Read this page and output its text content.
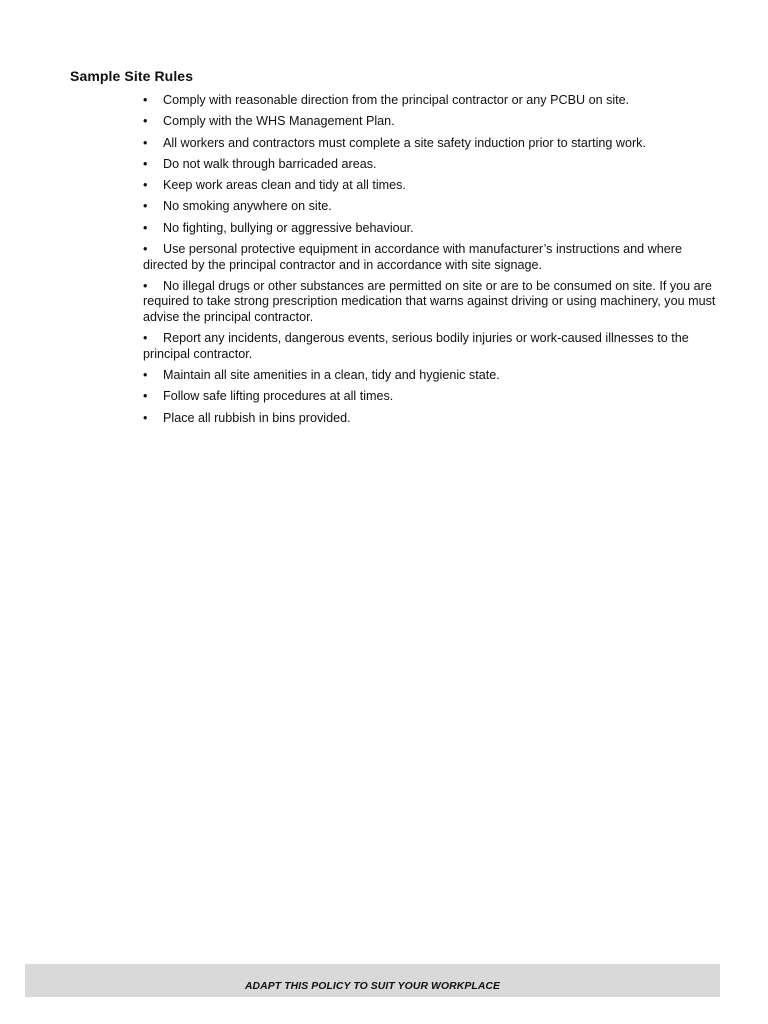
Sample Site Rules
• Comply with reasonable direction from the principal contractor or any PCBU on site.
• Comply with the WHS Management Plan.
• All workers and contractors must complete a site safety induction prior to starting work.
• Do not walk through barricaded areas.
• Keep work areas clean and tidy at all times.
• No smoking anywhere on site.
• No fighting, bullying or aggressive behaviour.
• Use personal protective equipment in accordance with manufacturer’s instructions and where directed by the principal contractor and in accordance with site signage.
• No illegal drugs or other substances are permitted on site or are to be consumed on site. If you are required to take strong prescription medication that warns against driving or using machinery, you must advise the principal contractor.
• Report any incidents, dangerous events, serious bodily injuries or work-caused illnesses to the principal contractor.
• Maintain all site amenities in a clean, tidy and hygienic state.
• Follow safe lifting procedures at all times.
• Place all rubbish in bins provided.
ADAPT THIS POLICY TO SUIT YOUR WORKPLACE
